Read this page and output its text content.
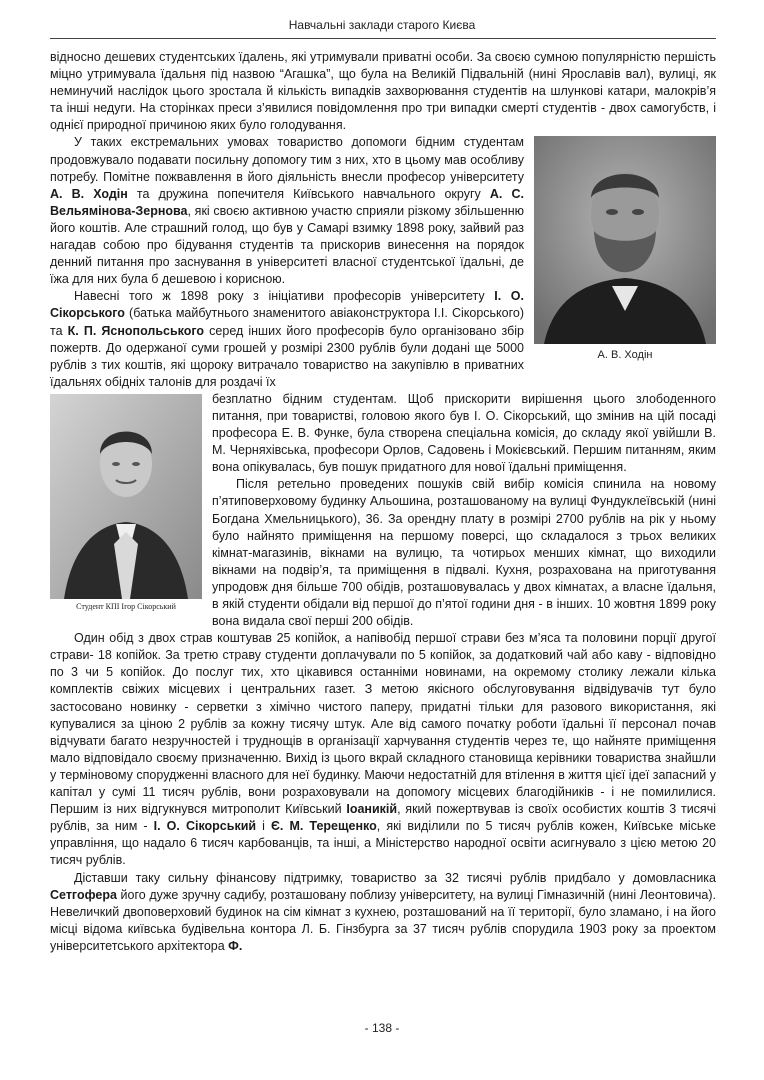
Навчальні заклади старого Києва

відносно дешевих студентських їдалень, які утримували приватні особи. За своєю сумною популярністю першість міцно утримувала їдальня під назвою “Агашка”, що була на Великій Підвальній (нині Ярославів вал), вулиці, як неминучий наслідок цього зростала й кількість випадків захворювання студентів на шлункові катари, малокрів’я та інші недуги. На сторінках преси з’явилися повідомлення про три випадки смерті студентів - двох самогубств, і однієї природної причиною яких було голодування.

А. В. Ходін

У таких екстремальних умовах товариство допомоги бідним студентам продовжувало подавати посильну допомогу тим з них, хто в цьому мав особливу потребу. Помітне пожвавлення в його діяльність внесли професор університету А. В. Ходін та дружина попечителя Київського навчального округу А. С. Вельямінова-Зернова, які своєю активною участю сприяли різкому збільшенню його коштів. Але страшний голод, що був у Самарі взимку 1898 року, зайвий раз нагадав собою про бідування студентів та прискорив винесення на порядок денний питання про заснування в університеті власної студентської їдальні, де їжа для них була б дешевою і корисною.

Навесні того ж 1898 року з ініціативи професорів університету І. О. Сікорського (батька майбутнього знаменитого авіаконструктора І.І. Сікорського) та К. П. Яснопольського серед інших його професорів було організовано збір пожертв. До одержаної суми грошей у розмірі 2300 рублів були додані ще 5000 рублів з тих коштів, які щороку витрачало товариство на закупівлю в приватних їдальнях обідніх талонів для роздачі їх

Студент КПІ Ігор Сікорський

безплатно бідним студентам. Щоб прискорити вирішення цього злободенного питання, при товаристві, головою якого був І. О. Сікорський, що змінив на цій посаді професора Е. В. Функе, була створена спеціальна комісія, до складу якої увійшли В. М. Черняхівська, професори Орлов, Садовень і Мокієвський. Першим питанням, яким вона опікувалась, був пошук придатного для нової їдальні приміщення.

Після ретельно проведених пошуків свій вибір комісія спинила на новому п’ятиповерховому будинку Альошина, розташованому на вулиці Фундуклеївській (нині Богдана Хмельницького), 36. За орендну плату в розмірі 2700 рублів на рік у ньому було найнято приміщення на першому поверсі, що складалося з трьох великих кімнат-магазинів, вікнами на вулицю, та чотирьох менших кімнат, що виходили вікнами на подвір’я, та приміщення в підвалі. Кухня, розрахована на приготування упродовж дня більше 700 обідів, розташовувалась у двох кімнатах, а власне їдальня, в якій студенти обідали від першої до п’ятої години дня - в інших. 10 жовтня 1899 року вона видала свої перші 200 обідів.

Один обід з двох страв коштував 25 копійок, а напівобід першої страви без м’яса та половини порції другої страви- 18 копійок. За третю страву студенти доплачували по 5 копійок, за додатковий чай або каву - відповідно по 3 чи 5 копійок. До послуг тих, хто цікавився останніми новинами, на окремому столику лежали кілька комплектів свіжих місцевих і центральних газет. З метою якісного обслуговування відвідувачів тут було застосовано новинку - серветки з хімічно чистого паперу, придатні тільки для разового використання, які купувалися за ціною 2 рублів за кожну тисячу штук. Але від самого початку роботи їдальні її персонал почав відчувати багато незручностей і труднощів в організації харчування студентів через те, що найняте приміщення мало відповідало своєму призначенню. Вихід із цього вкрай складного становища керівники товариства знайшли у терміновому спорудженні власного для неї будинку. Маючи недостатній для втілення в життя цієї ідеї запасний у капітал у сумі 11 тисяч рублів, вони розраховували на допомогу місцевих благодійників - і не помилилися. Першим із них відгукнувся митрополит Київський Іоаникій, який пожертвував із своїх особистих коштів 3 тисячі рублів, за ним - І. О. Сікорський і Є. М. Терещенко, які виділили по 5 тисяч рублів кожен, Київське міське управління, що надало 6 тисяч карбованців, та інші, а Міністерство народної освіти асигнувало з цією метою 20 тисяч рублів.

Діставши таку сильну фінансову підтримку, товариство за 32 тисячі рублів придбало у домовласника Сетгофера його дуже зручну садибу, розташовану поблизу університету, на вулиці Гімназичній (нині Леонтовича). Невеличкий двоповерховий будинок на сім кімнат з кухнею, розташований на її території, було зламано, і на його місці відома київська будівельна контора Л. Б. Гінзбурга за 37 тисяч рублів спорудила 1903 року за проектом університетського архітектора Ф.

- 138 -
